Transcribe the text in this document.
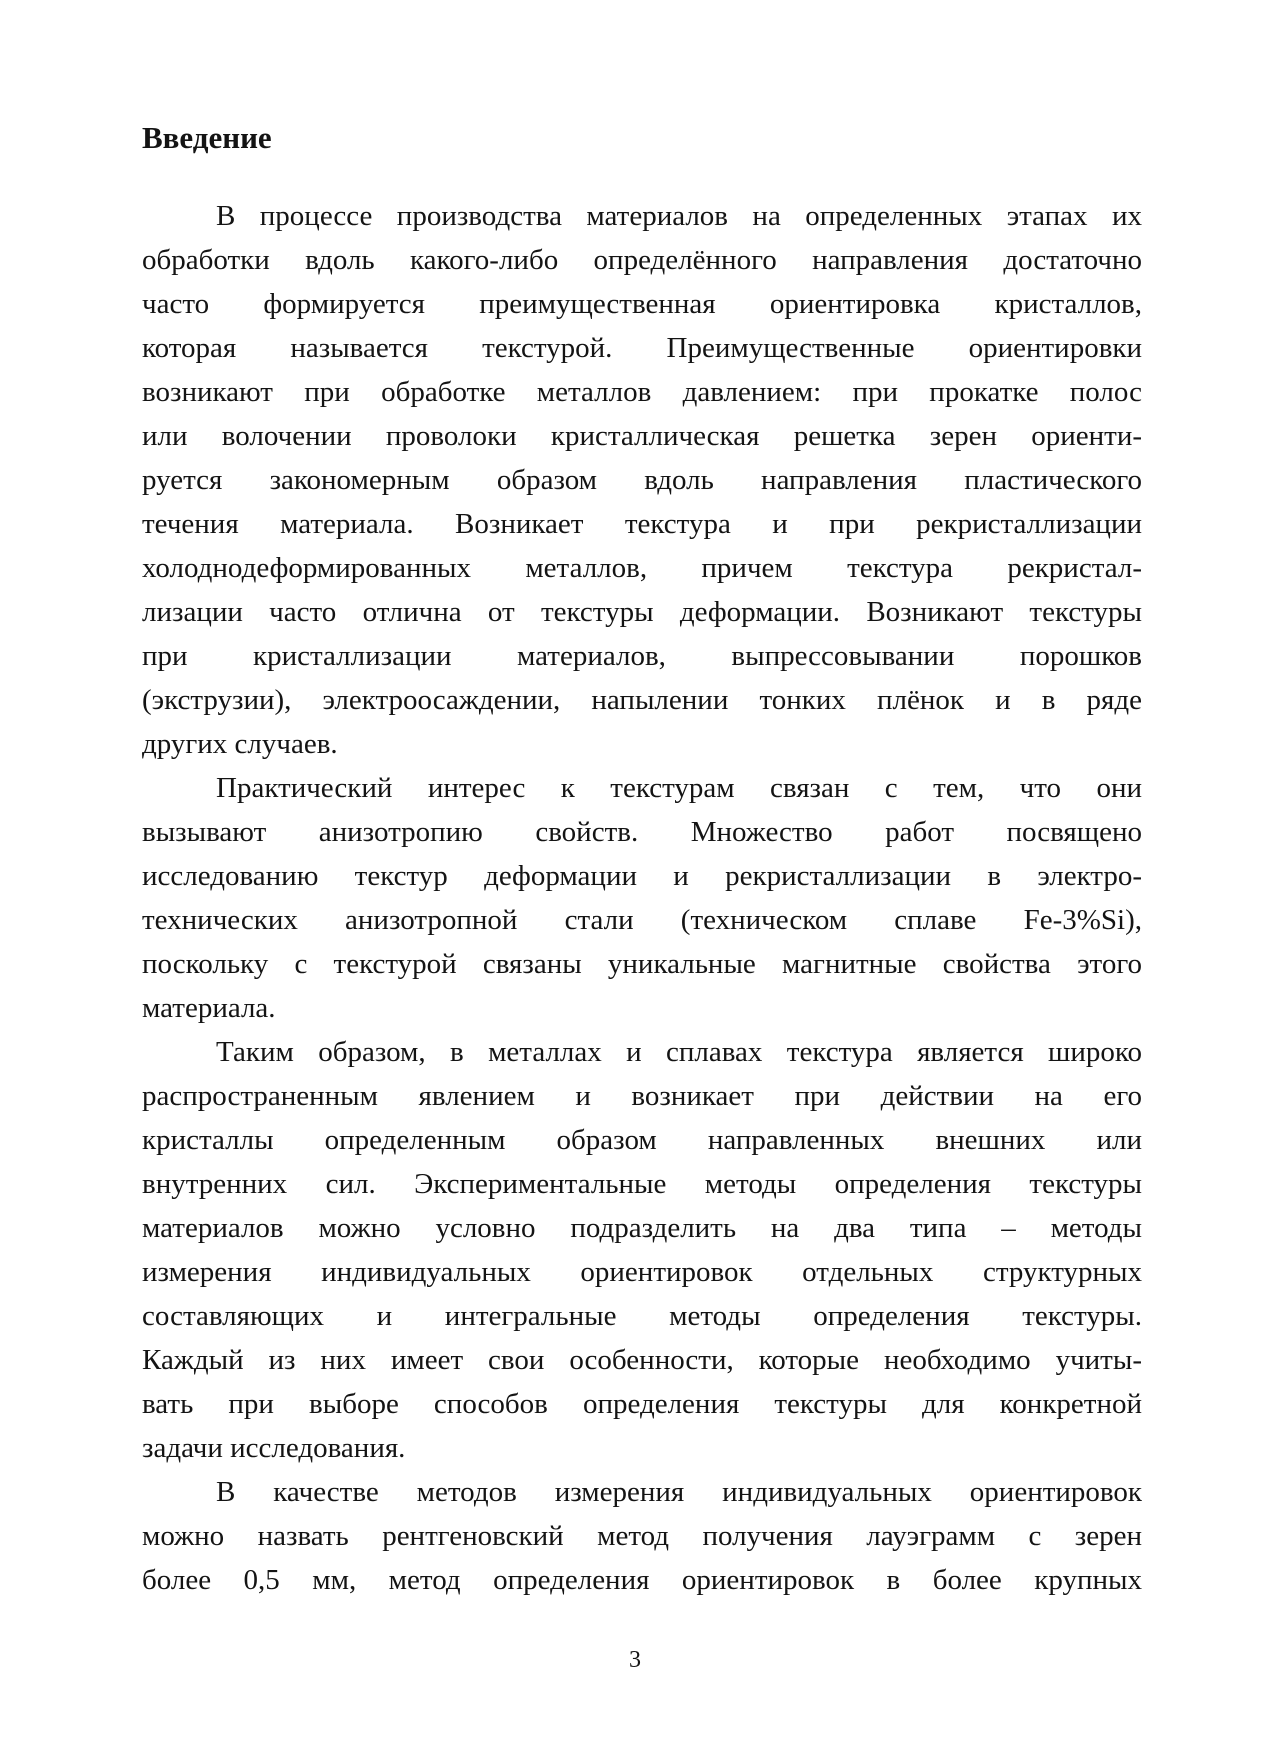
Введение
В процессе производства материалов на определенных этапах их
обработки вдоль какого-либо определённого направления достаточно
часто формируется преимущественная ориентировка кристаллов,
которая называется текстурой. Преимущественные ориентировки
возникают при обработке металлов давлением: при прокатке полос
или волочении проволоки кристаллическая решетка зерен ориенти-
руется закономерным образом вдоль направления пластического
течения материала. Возникает текстура и при рекристаллизации
холоднодеформированных металлов, причем текстура рекристал-
лизации часто отлична от текстуры деформации. Возникают текстуры
при кристаллизации материалов, выпрессовывании порошков
(экструзии), электроосаждении, напылении тонких плёнок и в ряде
других случаев.
Практический интерес к текстурам связан с тем, что они
вызывают анизотропию свойств. Множество работ посвящено
исследованию текстур деформации и рекристаллизации в электро-
технических анизотропной стали (техническом сплаве Fe-3%Si),
поскольку с текстурой связаны уникальные магнитные свойства этого
материала.
Таким образом, в металлах и сплавах текстура является широко
распространенным явлением и возникает при действии на его
кристаллы определенным образом направленных внешних или
внутренних сил. Экспериментальные методы определения текстуры
материалов можно условно подразделить на два типа – методы
измерения индивидуальных ориентировок отдельных структурных
составляющих и интегральные методы определения текстуры.
Каждый из них имеет свои особенности, которые необходимо учиты-
вать при выборе способов определения текстуры для конкретной
задачи исследования.
В качестве методов измерения индивидуальных ориентировок
можно назвать рентгеновский метод получения лауэграмм с зерен
более 0,5 мм, метод определения ориентировок в более крупных
3
